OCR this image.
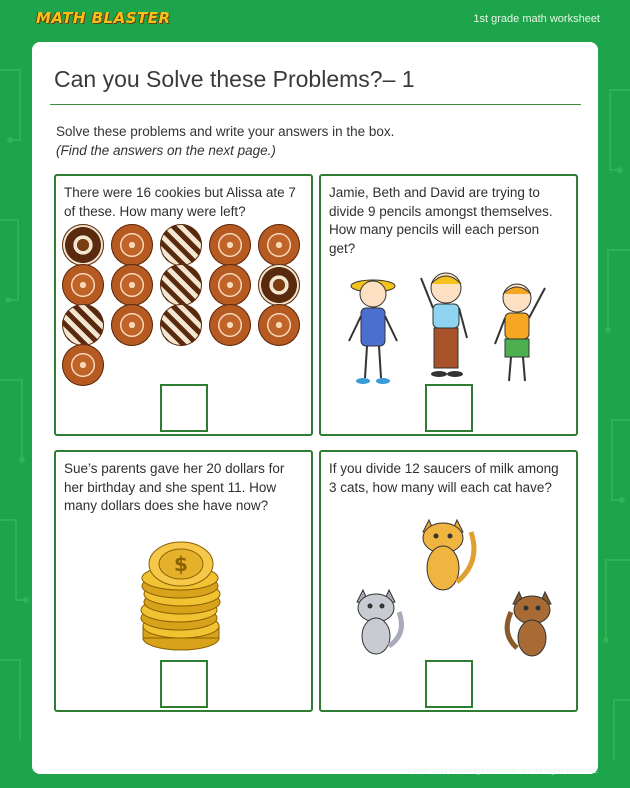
MATH BLASTER	1st grade math worksheet
Can you Solve these Problems?– 1
Solve these problems and write your answers in the box.
(Find the answers on the next page.)
There were 16 cookies but Alissa ate 7 of these. How many were left?
Jamie, Beth and David are trying to divide 9 pencils amongst themselves. How many pencils will each person get?
Sue’s parents gave her 20 dollars for her birthday and she spent 11. How many dollars does she have now?
$
If you divide 12 saucers of milk among 3 cats, how many will each cat have?
© 2007-2012 Knowledge Adventure, Inc. All Rights Reserved.
